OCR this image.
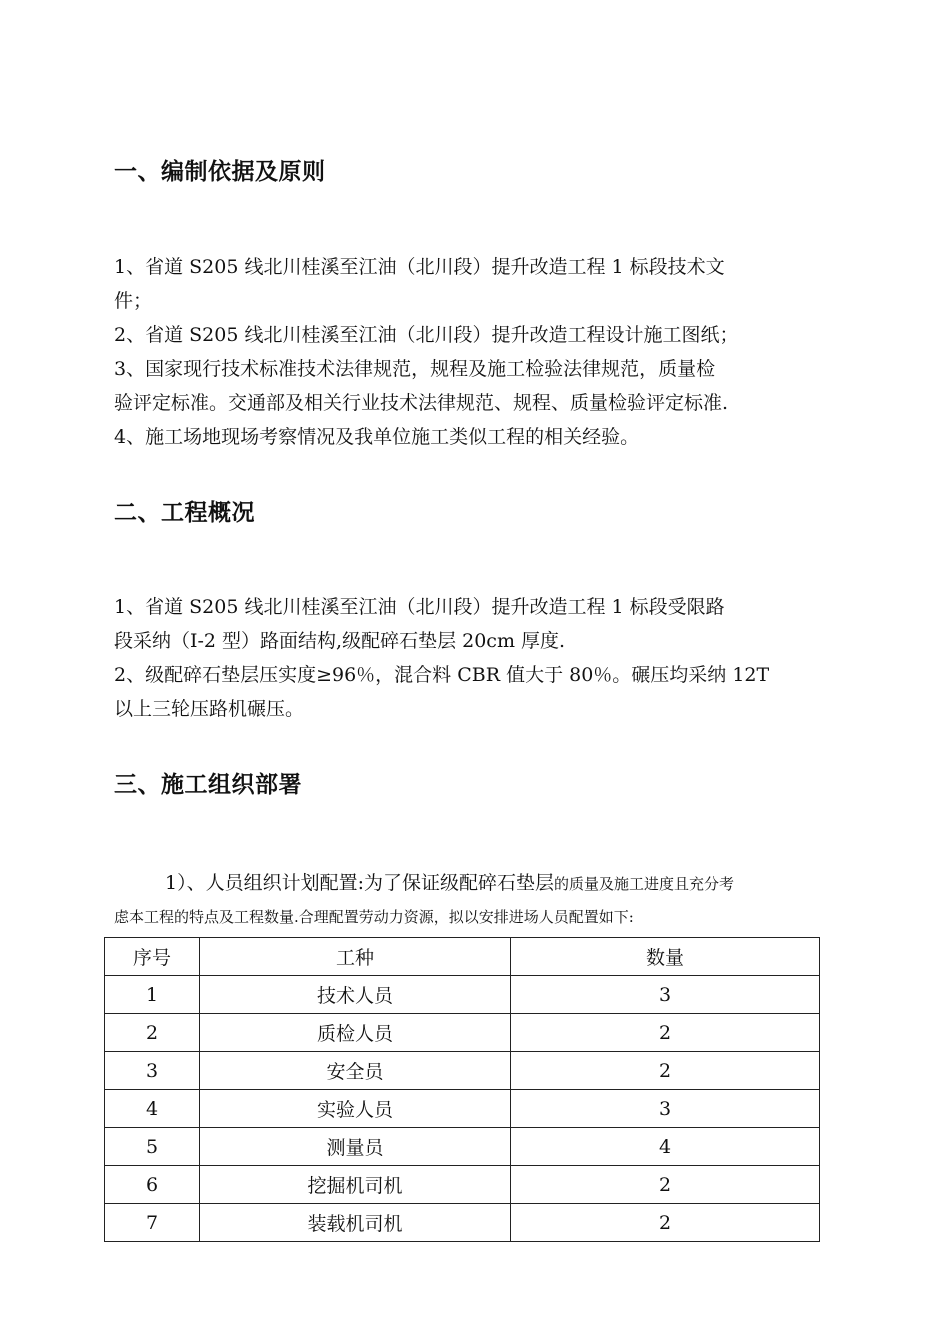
一、编制依据及原则
1、省道 S205 线北川桂溪至江油（北川段）提升改造工程 1 标段技术文
件；
2、省道 S205 线北川桂溪至江油（北川段）提升改造工程设计施工图纸；
3、国家现行技术标准技术法律规范，规程及施工检验法律规范，质量检
验评定标准。交通部及相关行业技术法律规范、规程、质量检验评定标准.
4、施工场地现场考察情况及我单位施工类似工程的相关经验。
二、工程概况
1、省道 S205 线北川桂溪至江油（北川段）提升改造工程 1 标段受限路
段采纳（I-2 型）路面结构,级配碎石垫层 20cm 厚度.
2、级配碎石垫层压实度≥96％，混合料 CBR 值大于 80％。碾压均采纳 12T
以上三轮压路机碾压。
三、施工组织部署
1）、人员组织计划配置:为了保证级配碎石垫层的质量及施工进度且充分考
虑本工程的特点及工程数量.合理配置劳动力资源，拟以安排进场人员配置如下:
序号	工种	数量
1	技术人员	3
2	质检人员	2
3	安全员	2
4	实验人员	3
5	测量员	4
6	挖掘机司机	2
7	装载机司机	2
